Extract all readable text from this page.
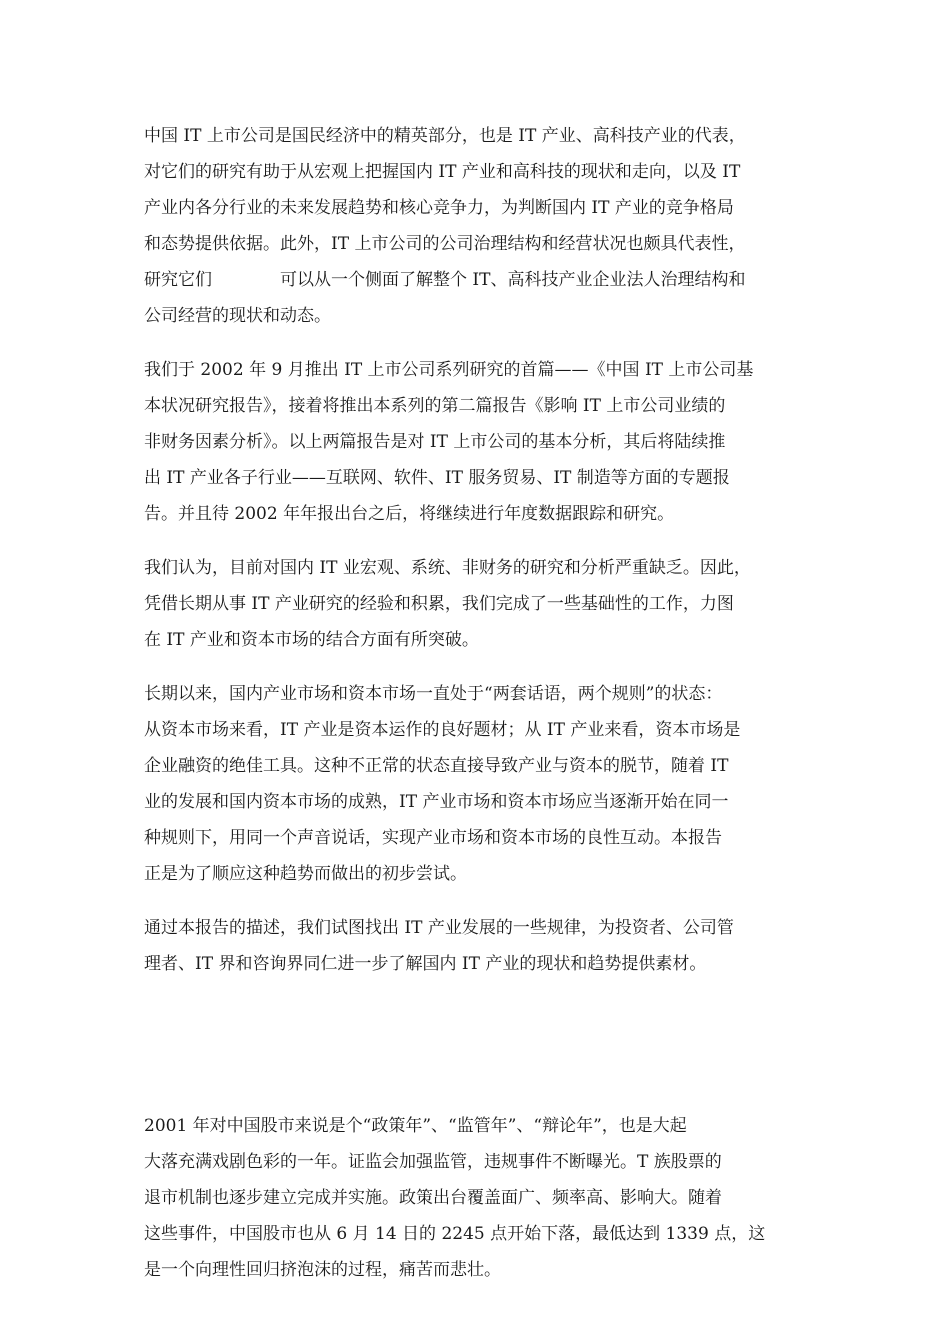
中国 IT 上市公司是国民经济中的精英部分，也是 IT 产业、高科技产业的代表，
对它们的研究有助于从宏观上把握国内 IT 产业和高科技的现状和走向，以及 IT
产业内各分行业的未来发展趋势和核心竞争力，为判断国内 IT 产业的竞争格局
和态势提供依据。此外，IT 上市公司的公司治理结构和经营状况也颇具代表性，
研究它们　　　　可以从一个侧面了解整个 IT、高科技产业企业法人治理结构和
公司经营的现状和动态。
我们于 2002 年 9 月推出 IT 上市公司系列研究的首篇——《中国 IT 上市公司基
本状况研究报告》，接着将推出本系列的第二篇报告《影响 IT 上市公司业绩的
非财务因素分析》。以上两篇报告是对 IT 上市公司的基本分析，其后将陆续推
出 IT 产业各子行业——互联网、软件、IT 服务贸易、IT 制造等方面的专题报
告。并且待 2002 年年报出台之后，将继续进行年度数据跟踪和研究。
我们认为，目前对国内 IT 业宏观、系统、非财务的研究和分析严重缺乏。因此，
凭借长期从事 IT 产业研究的经验和积累，我们完成了一些基础性的工作，力图
在 IT 产业和资本市场的结合方面有所突破。
长期以来，国内产业市场和资本市场一直处于“两套话语，两个规则”的状态：
从资本市场来看，IT 产业是资本运作的良好题材；从 IT 产业来看，资本市场是
企业融资的绝佳工具。这种不正常的状态直接导致产业与资本的脱节，随着 IT
业的发展和国内资本市场的成熟，IT 产业市场和资本市场应当逐渐开始在同一
种规则下，用同一个声音说话，实现产业市场和资本市场的良性互动。本报告
正是为了顺应这种趋势而做出的初步尝试。
通过本报告的描述，我们试图找出 IT 产业发展的一些规律，为投资者、公司管
理者、IT 界和咨询界同仁进一步了解国内 IT 产业的现状和趋势提供素材。
2001 年对中国股市来说是个“政策年”、“监管年”、“辩论年”，也是大起
大落充满戏剧色彩的一年。证监会加强监管，违规事件不断曝光。T 族股票的
退市机制也逐步建立完成并实施。政策出台覆盖面广、频率高、影响大。随着
这些事件，中国股市也从 6 月 14 日的 2245 点开始下落，最低达到 1339 点，这
是一个向理性回归挤泡沫的过程，痛苦而悲壮。
